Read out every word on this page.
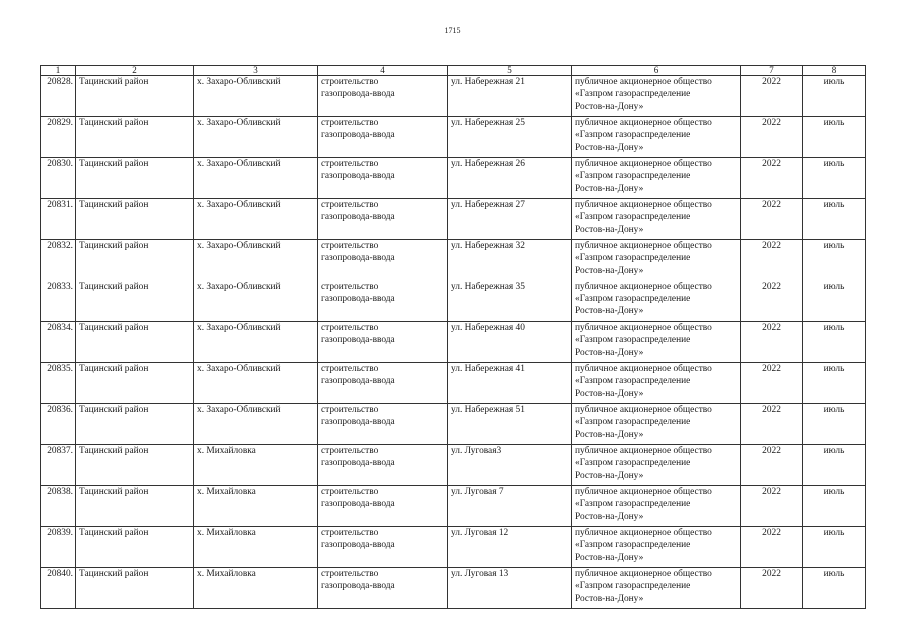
1715
1	2	3	4	5	6	7	8
20828.	Тацинский район	х. Захаро-Обливский	строительство
газопровода-ввода	ул. Набережная 21	публичное акционерное общество
«Газпром газораспределение
Ростов-на-Дону»	2022	июль
20829.	Тацинский район	х. Захаро-Обливский	строительство
газопровода-ввода	ул. Набережная 25	публичное акционерное общество
«Газпром газораспределение
Ростов-на-Дону»	2022	июль
20830.	Тацинский район	х. Захаро-Обливский	строительство
газопровода-ввода	ул. Набережная 26	публичное акционерное общество
«Газпром газораспределение
Ростов-на-Дону»	2022	июль
20831.	Тацинский район	х. Захаро-Обливский	строительство
газопровода-ввода	ул. Набережная 27	публичное акционерное общество
«Газпром газораспределение
Ростов-на-Дону»	2022	июль
20832.	Тацинский район	х. Захаро-Обливский	строительство
газопровода-ввода	ул. Набережная 32	публичное акционерное общество
«Газпром газораспределение
Ростов-на-Дону»	2022	июль
20833.	Тацинский район	х. Захаро-Обливский	строительство
газопровода-ввода	ул. Набережная 35	публичное акционерное общество
«Газпром газораспределение
Ростов-на-Дону»	2022	июль
20834.	Тацинский район	х. Захаро-Обливский	строительство
газопровода-ввода	ул. Набережная 40	публичное акционерное общество
«Газпром газораспределение
Ростов-на-Дону»	2022	июль
20835.	Тацинский район	х. Захаро-Обливский	строительство
газопровода-ввода	ул. Набережная 41	публичное акционерное общество
«Газпром газораспределение
Ростов-на-Дону»	2022	июль
20836.	Тацинский район	х. Захаро-Обливский	строительство
газопровода-ввода	ул. Набережная 51	публичное акционерное общество
«Газпром газораспределение
Ростов-на-Дону»	2022	июль
20837.	Тацинский район	х. Михайловка	строительство
газопровода-ввода	ул. Луговая3	публичное акционерное общество
«Газпром газораспределение
Ростов-на-Дону»	2022	июль
20838.	Тацинский район	х. Михайловка	строительство
газопровода-ввода	ул. Луговая 7	публичное акционерное общество
«Газпром газораспределение
Ростов-на-Дону»	2022	июль
20839.	Тацинский район	х. Михайловка	строительство
газопровода-ввода	ул. Луговая 12	публичное акционерное общество
«Газпром газораспределение
Ростов-на-Дону»	2022	июль
20840.	Тацинский район	х. Михайловка	строительство
газопровода-ввода	ул. Луговая 13	публичное акционерное общество
«Газпром газораспределение
Ростов-на-Дону»	2022	июль
